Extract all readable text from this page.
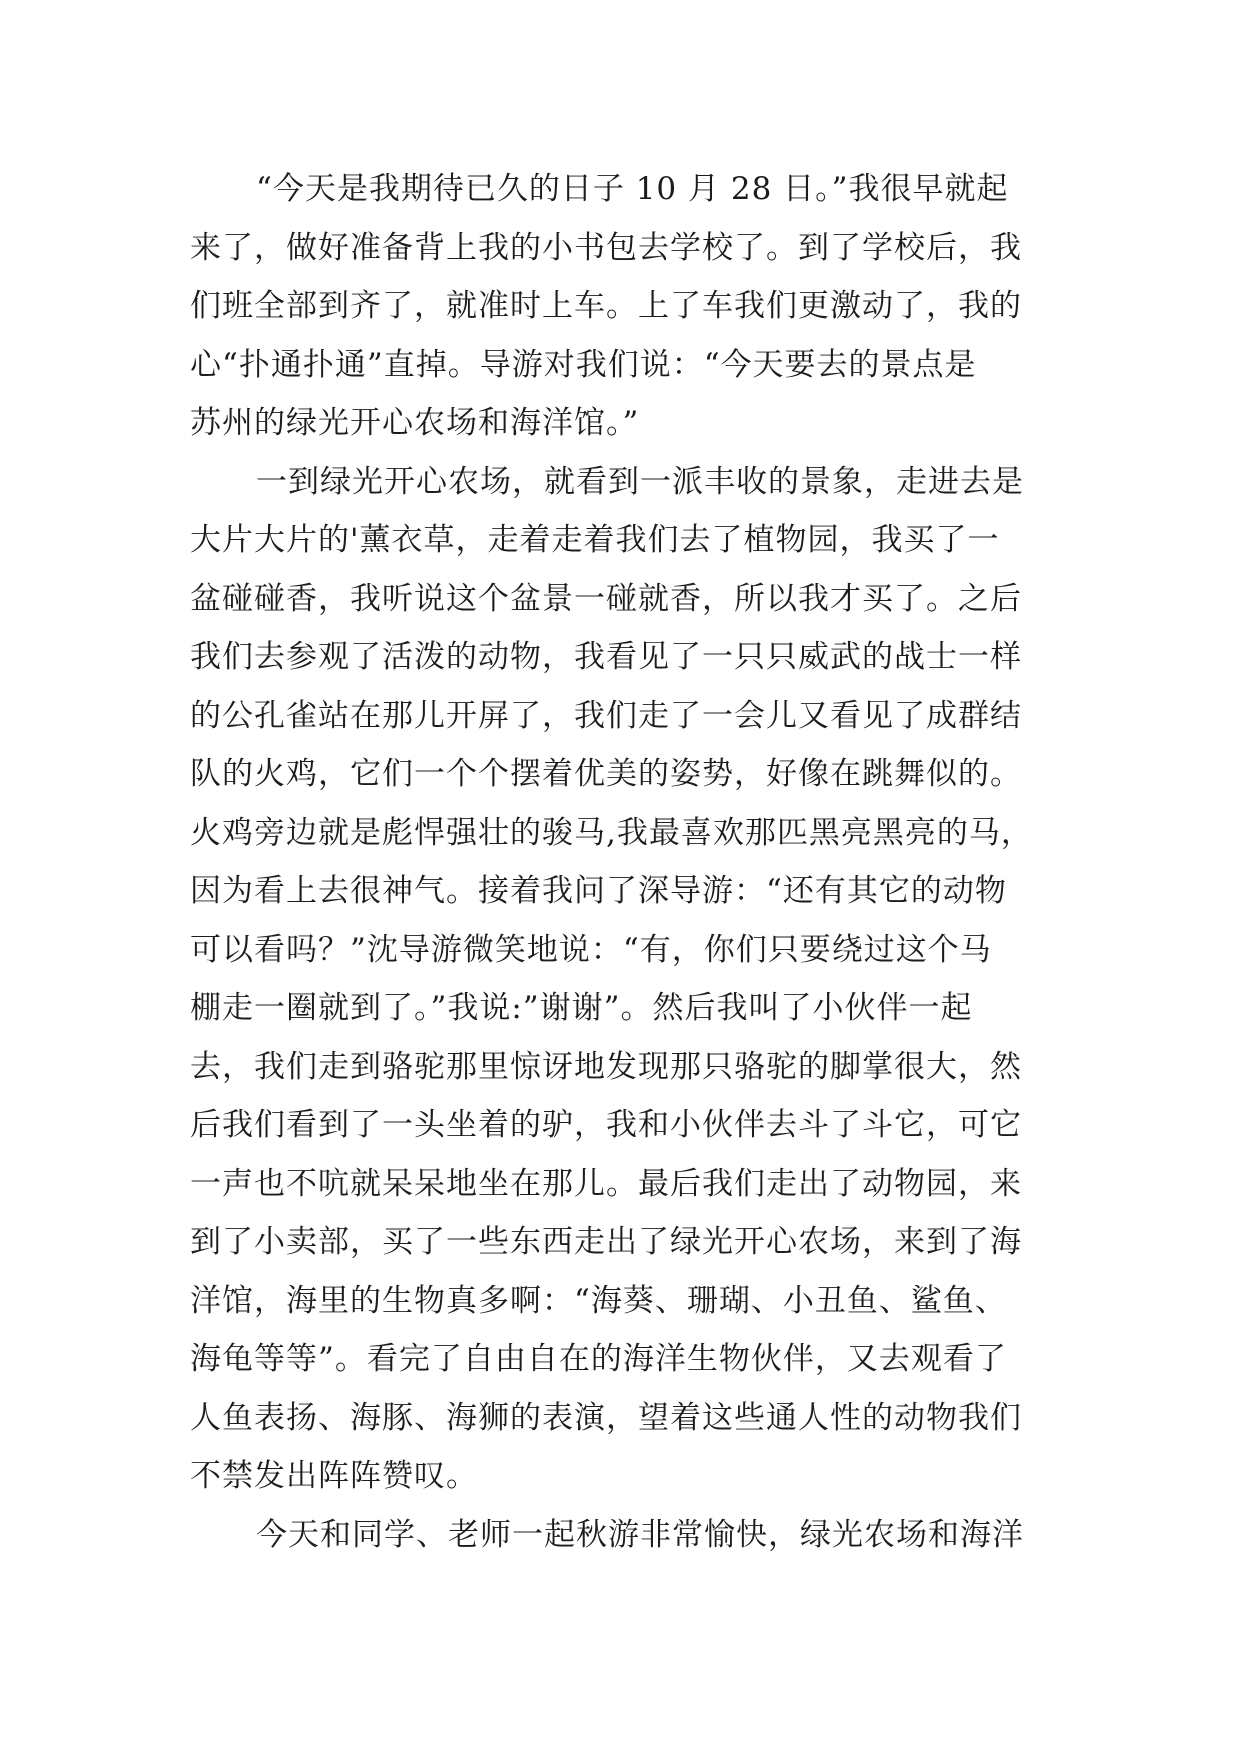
“今天是我期待已久的日子 10 月 28 日。”我很早就起
来了，做好准备背上我的小书包去学校了。到了学校后，我
们班全部到齐了，就准时上车。上了车我们更激动了，我的
心“扑通扑通”直掉。导游对我们说：“今天要去的景点是
苏州的绿光开心农场和海洋馆。”
一到绿光开心农场，就看到一派丰收的景象，走进去是
大片大片的'薰衣草，走着走着我们去了植物园，我买了一
盆碰碰香，我听说这个盆景一碰就香，所以我才买了。之后
我们去参观了活泼的动物，我看见了一只只威武的战士一样
的公孔雀站在那儿开屏了，我们走了一会儿又看见了成群结
队的火鸡，它们一个个摆着优美的姿势，好像在跳舞似的。
火鸡旁边就是彪悍强壮的骏马,我最喜欢那匹黑亮黑亮的马，
因为看上去很神气。接着我问了深导游：“还有其它的动物
可以看吗？”沈导游微笑地说：“有，你们只要绕过这个马
棚走一圈就到了。”我说:”谢谢”。然后我叫了小伙伴一起
去，我们走到骆驼那里惊讶地发现那只骆驼的脚掌很大，然
后我们看到了一头坐着的驴，我和小伙伴去斗了斗它，可它
一声也不吭就呆呆地坐在那儿。最后我们走出了动物园，来
到了小卖部，买了一些东西走出了绿光开心农场，来到了海
洋馆，海里的生物真多啊：“海葵、珊瑚、小丑鱼、鲨鱼、
海龟等等”。看完了自由自在的海洋生物伙伴，又去观看了
人鱼表扬、海豚、海狮的表演，望着这些通人性的动物我们
不禁发出阵阵赞叹。
今天和同学、老师一起秋游非常愉快，绿光农场和海洋
